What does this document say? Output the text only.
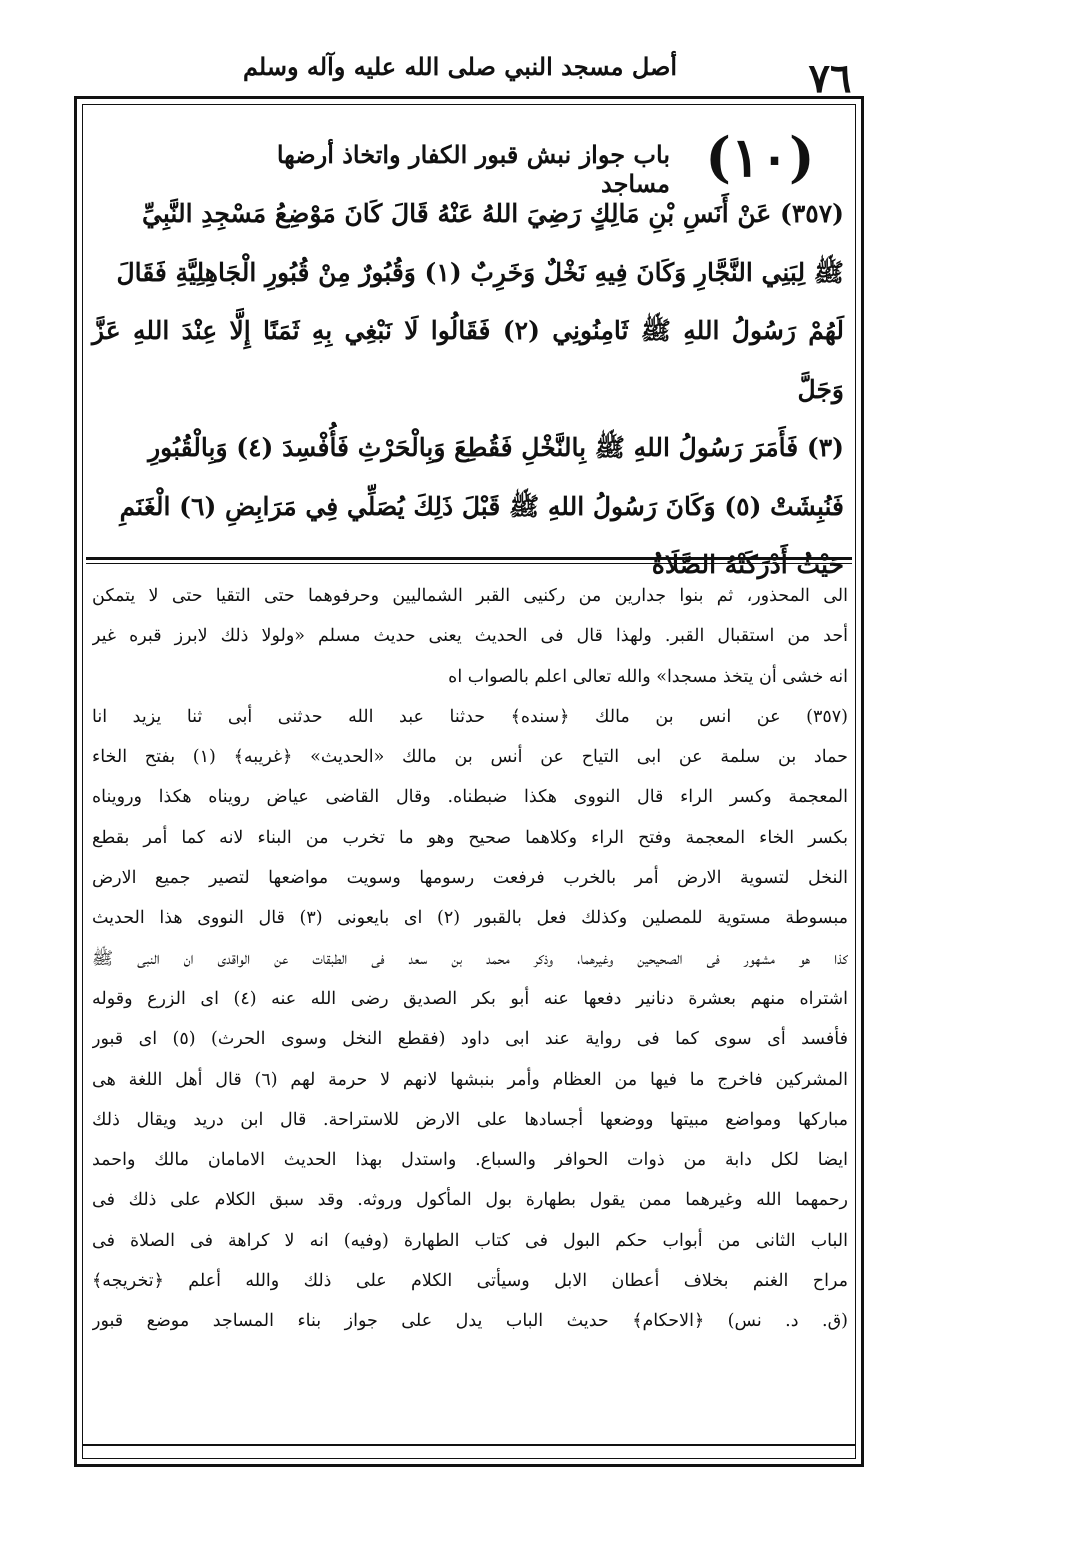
٧٦
أصل مسجد النبي صلى الله عليه وآله وسلم
(١٠)
باب جواز نبش قبور الكفار واتخاذ أرضها مساجد

(٣٥٧) عَنْ أَنَسِ بْنِ مَالِكٍ رَضِيَ اللهُ عَنْهُ قَالَ كَانَ مَوْضِعُ مَسْجِدِ النَّبِيِّ

ﷺ لِبَنِي النَّجَّارِ وَكَانَ فِيهِ نَخْلٌ وَخَرِبٌ (١) وَقُبُورٌ مِنْ قُبُورِ الْجَاهِلِيَّةِ فَقَالَ

لَهُمْ رَسُولُ اللهِ ﷺ ثَامِنُونِي (٢) فَقَالُوا لَا نَبْغِي بِهِ ثَمَنًا إِلَّا عِنْدَ اللهِ عَزَّ وَجَلَّ

(٣) فَأَمَرَ رَسُولُ اللهِ ﷺ بِالنَّخْلِ فَقُطِعَ وَبِالْحَرْثِ فَأُفْسِدَ (٤) وَبِالْقُبُورِ

فَنُبِشَتْ (٥) وَكَانَ رَسُولُ اللهِ ﷺ قَبْلَ ذَلِكَ يُصَلِّي فِي مَرَابِضِ (٦) الْغَنَمِ

حَيْثُ أَدْرَكَتْهُ الصَّلَاةُ

الى المحذور، ثم بنوا جدارين من ركنيى القبر الشماليين وحرفوهما حتى التقيا حتى لا يتمكن
أحد من استقبال القبر. ولهذا قال فى الحديث يعنى حديث مسلم «ولولا ذلك لابرز قبره غير
انه خشى أن يتخذ مسجدا» والله تعالى اعلم بالصواب اه
(٣٥٧) عن انس بن مالك ﴿سنده﴾ حدثنا عبد الله حدثنى أبى ثنا يزيد انا
حماد بن سلمة عن ابى التياح عن أنس بن مالك «الحديث» ﴿غريبه﴾ (١) بفتح الخاء
المعجمة وكسر الراء قال النووى هكذا ضبطناه. وقال القاضى عياض رويناه هكذا ورويناه
بكسر الخاء المعجمة وفتح الراء وكلاهما صحيح وهو ما تخرب من البناء لانه كما أمر بقطع
النخل لتسوية الارض أمر بالخرب فرفعت رسومها وسويت مواضعها لتصير جميع الارض
مبسوطة مستوية للمصلين وكذلك فعل بالقبور (٢) اى بايعونى (٣) قال النووى هذا الحديث
كذا هو مشهور فى الصحيحين وغيرهما، وذكر محمد بن سعد فى الطبقات عن الواقدى ان النبى ﷺ
اشتراه منهم بعشرة دنانير دفعها عنه أبو بكر الصديق رضى الله عنه (٤) اى الزرع وقوله
فأفسد أى سوى كما فى رواية عند ابى داود (فقطع النخل وسوى الحرث) (٥) اى قبور
المشركين فاخرج ما فيها من العظام وأمر بنبشها لانهم لا حرمة لهم (٦) قال أهل اللغة هى
مباركها ومواضع مبيتها ووضعها أجسادها على الارض للاستراحة. قال ابن دريد ويقال ذلك
ايضا لكل دابة من ذوات الحوافر والسباع. واستدل بهذا الحديث الامامان مالك واحمد
رحمهما الله وغيرهما ممن يقول بطهارة بول المأكول وروثه. وقد سبق الكلام على ذلك فى
الباب الثانى من أبواب حكم البول فى كتاب الطهارة (وفيه) انه لا كراهة فى الصلاة فى
مراح الغنم بخلاف أعطان الابل وسيأتى الكلام على ذلك والله أعلم ﴿تخريجه﴾
(ق. د. نس) ﴿الاحكام﴾ حديث الباب يدل على جواز بناء المساجد موضع قبور
